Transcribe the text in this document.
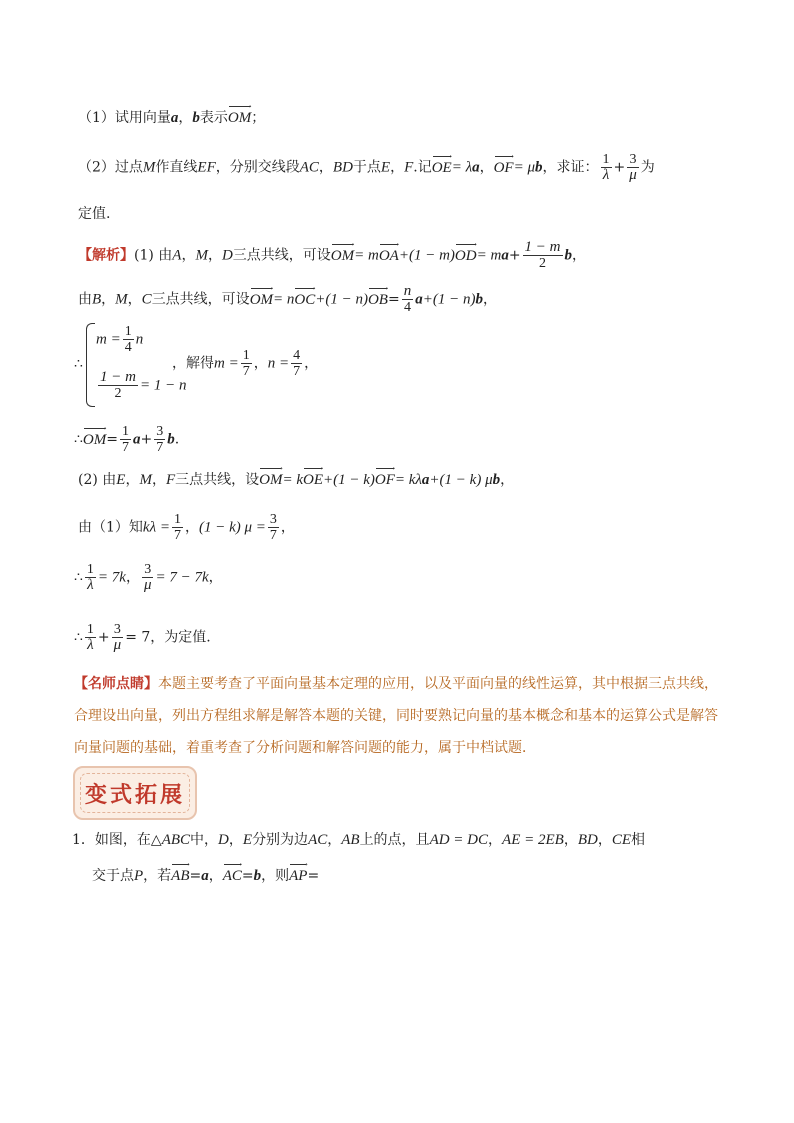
（1）试用向量a，b表示OM →；
（2）过点M作直线EF，分别交线段AC，BD于点E，F.记OE →= λa，OF →= μb，求证： $\frac{1}{\lambda} + \frac{3}{\mu}$ 为
定值.
【解析】(1) 由A，M，D三点共线，可设OM →= mOA $\to+(1 - m)OD \to= ma+ \frac{1 - m}{2}$ b，
由B，M，C三点共线，可设OM →= nOC $\to+(1 - n)OB \to= \frac{n}{4} a+(1 - n)b$，
∴
$m = \frac{1}{4}$ n
$\frac{1 - m}{2} = 1 - n$
，解得$m = \frac{1}{7}$ ，$n = \frac{4}{7}$ ，
∴OM →= $\frac{1}{7} a+ \frac{3}{7} b$.
(2) 由E，M，F三点共线，设OM →= kOE →+(1 − k)OF →= kλa+(1 − k) μb，
由（1）知$k\lambda = \frac{1}{7}$ ，(1 − k) $\mu = \frac{3}{7}$ ，
∴ $\frac{1}{\lambda} = 7k$， $\frac{3}{\mu} = 7 - 7k$，
∴ $\frac{1}{\lambda} + \frac{3}{\mu} = 7$，为定值.
【名师点睛】本题主要考查了平面向量基本定理的应用，以及平面向量的线性运算，其中根据三点共线，
合理设出向量，列出方程组求解是解答本题的关键，同时要熟记向量的基本概念和基本的运算公式是解答
向量问题的基础，着重考查了分析问题和解答问题的能力，属于中档试题．
变式拓展
1．如图，在△ABC中，D，E分别为边AC，AB上的点，且AD = DC，AE = 2EB，BD，CE相
交于点P，若AB →=a，AC →=b，则AP →=
